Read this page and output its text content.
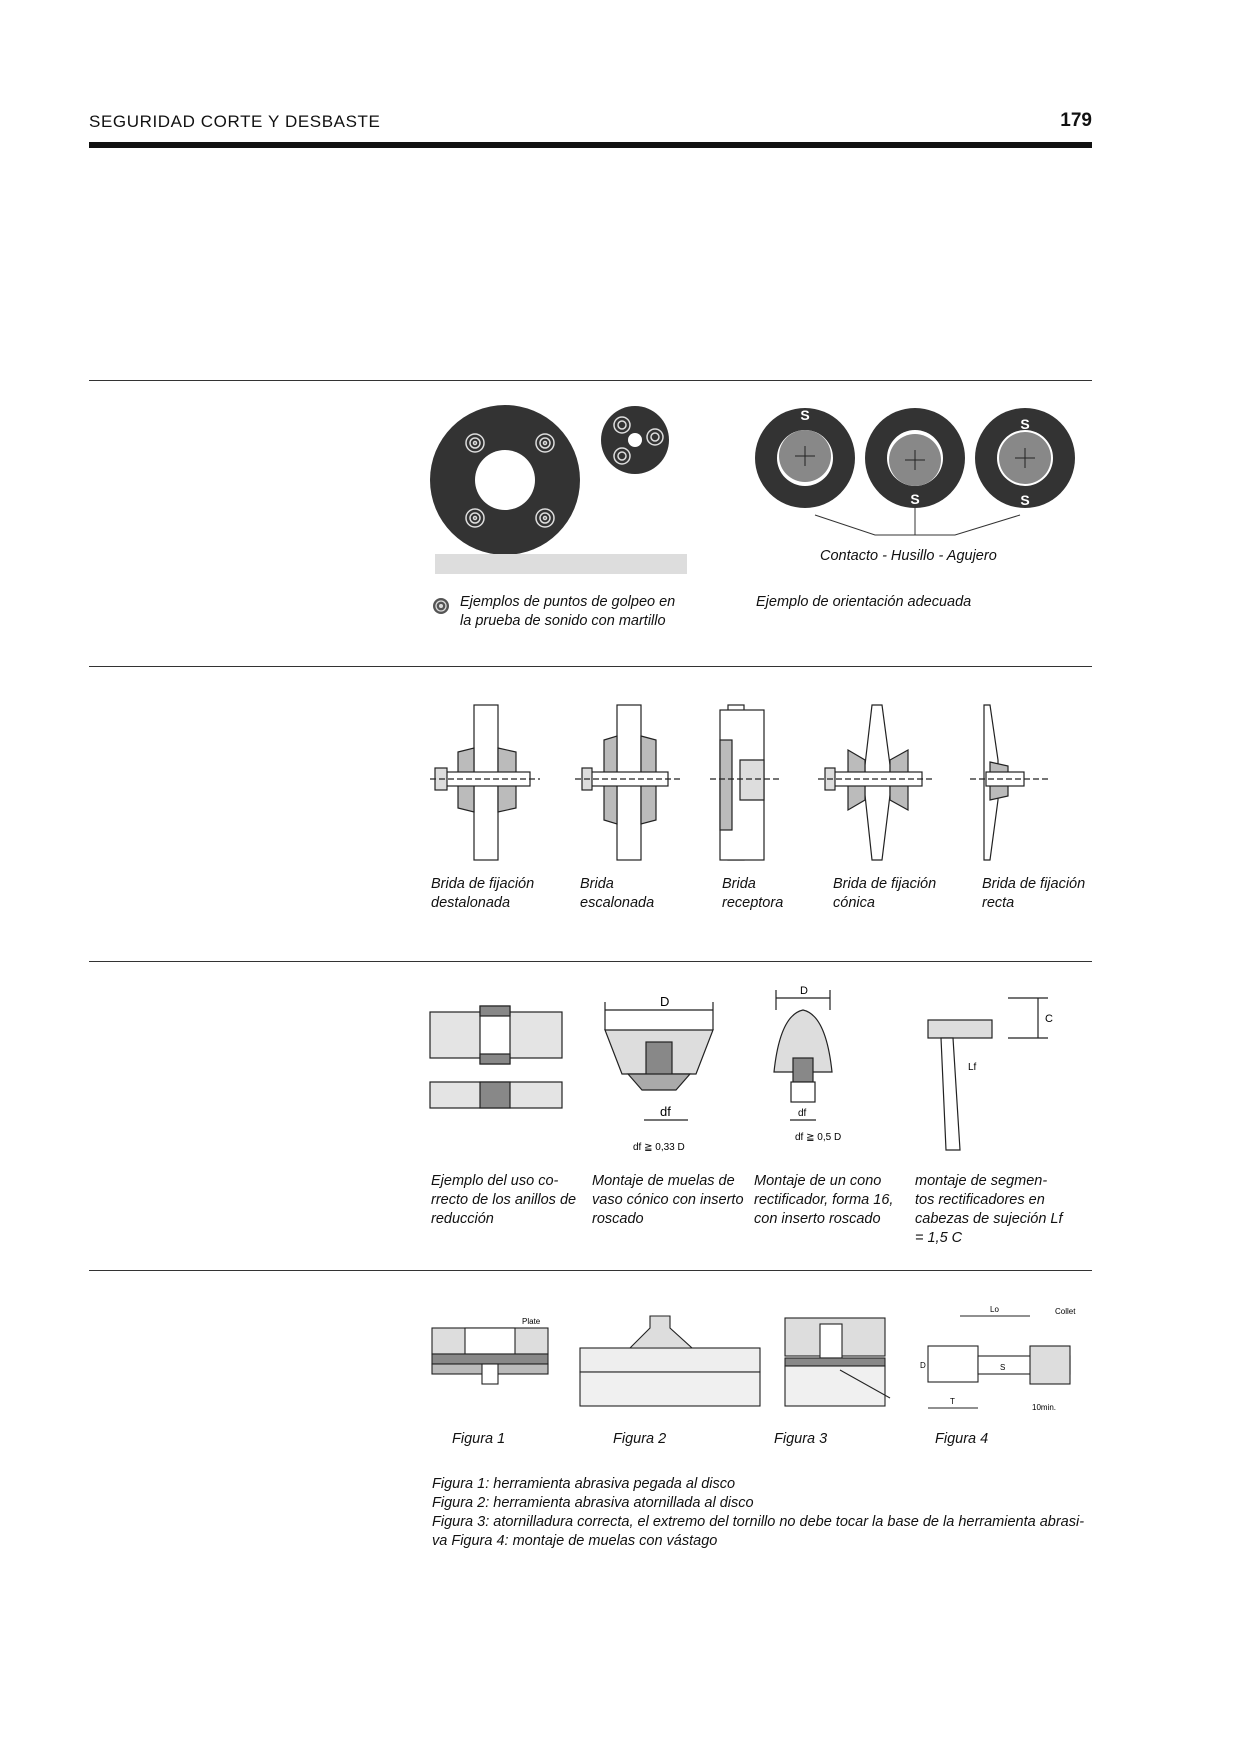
SEGURIDAD CORTE Y DESBASTE	179
S
S
S
S
Contacto - Husillo - Agujero
Ejemplos de puntos de golpeo en
la prueba de sonido con martillo
Ejemplo de orientación adecuada
Brida de fijación
destalonada
Brida
escalonada
Brida
receptora
Brida de fijación
cónica
Brida de fijación
recta
D
df
D
df
C
Lf
df ≧ 0,33 D
df ≧ 0,5 D
Ejemplo del uso co-
rrecto de los anillos de
reducción
Montaje de muelas de
vaso cónico con inserto
roscado
Montaje de un cono
rectificador, forma 16,
con inserto roscado
montaje de segmen-
tos rectificadores en
cabezas de sujeción Lf
= 1,5 C
Plate
Collet
Lo
D	S
T
10min.
Figura 1	Figura 2	Figura 3	Figura 4
Figura 1: herramienta abrasiva pegada al disco
Figura 2: herramienta abrasiva atornillada al disco
Figura 3: atornilladura correcta, el extremo del tornillo no debe tocar la base de la herramienta abrasi-
va Figura 4: montaje de muelas con vástago
